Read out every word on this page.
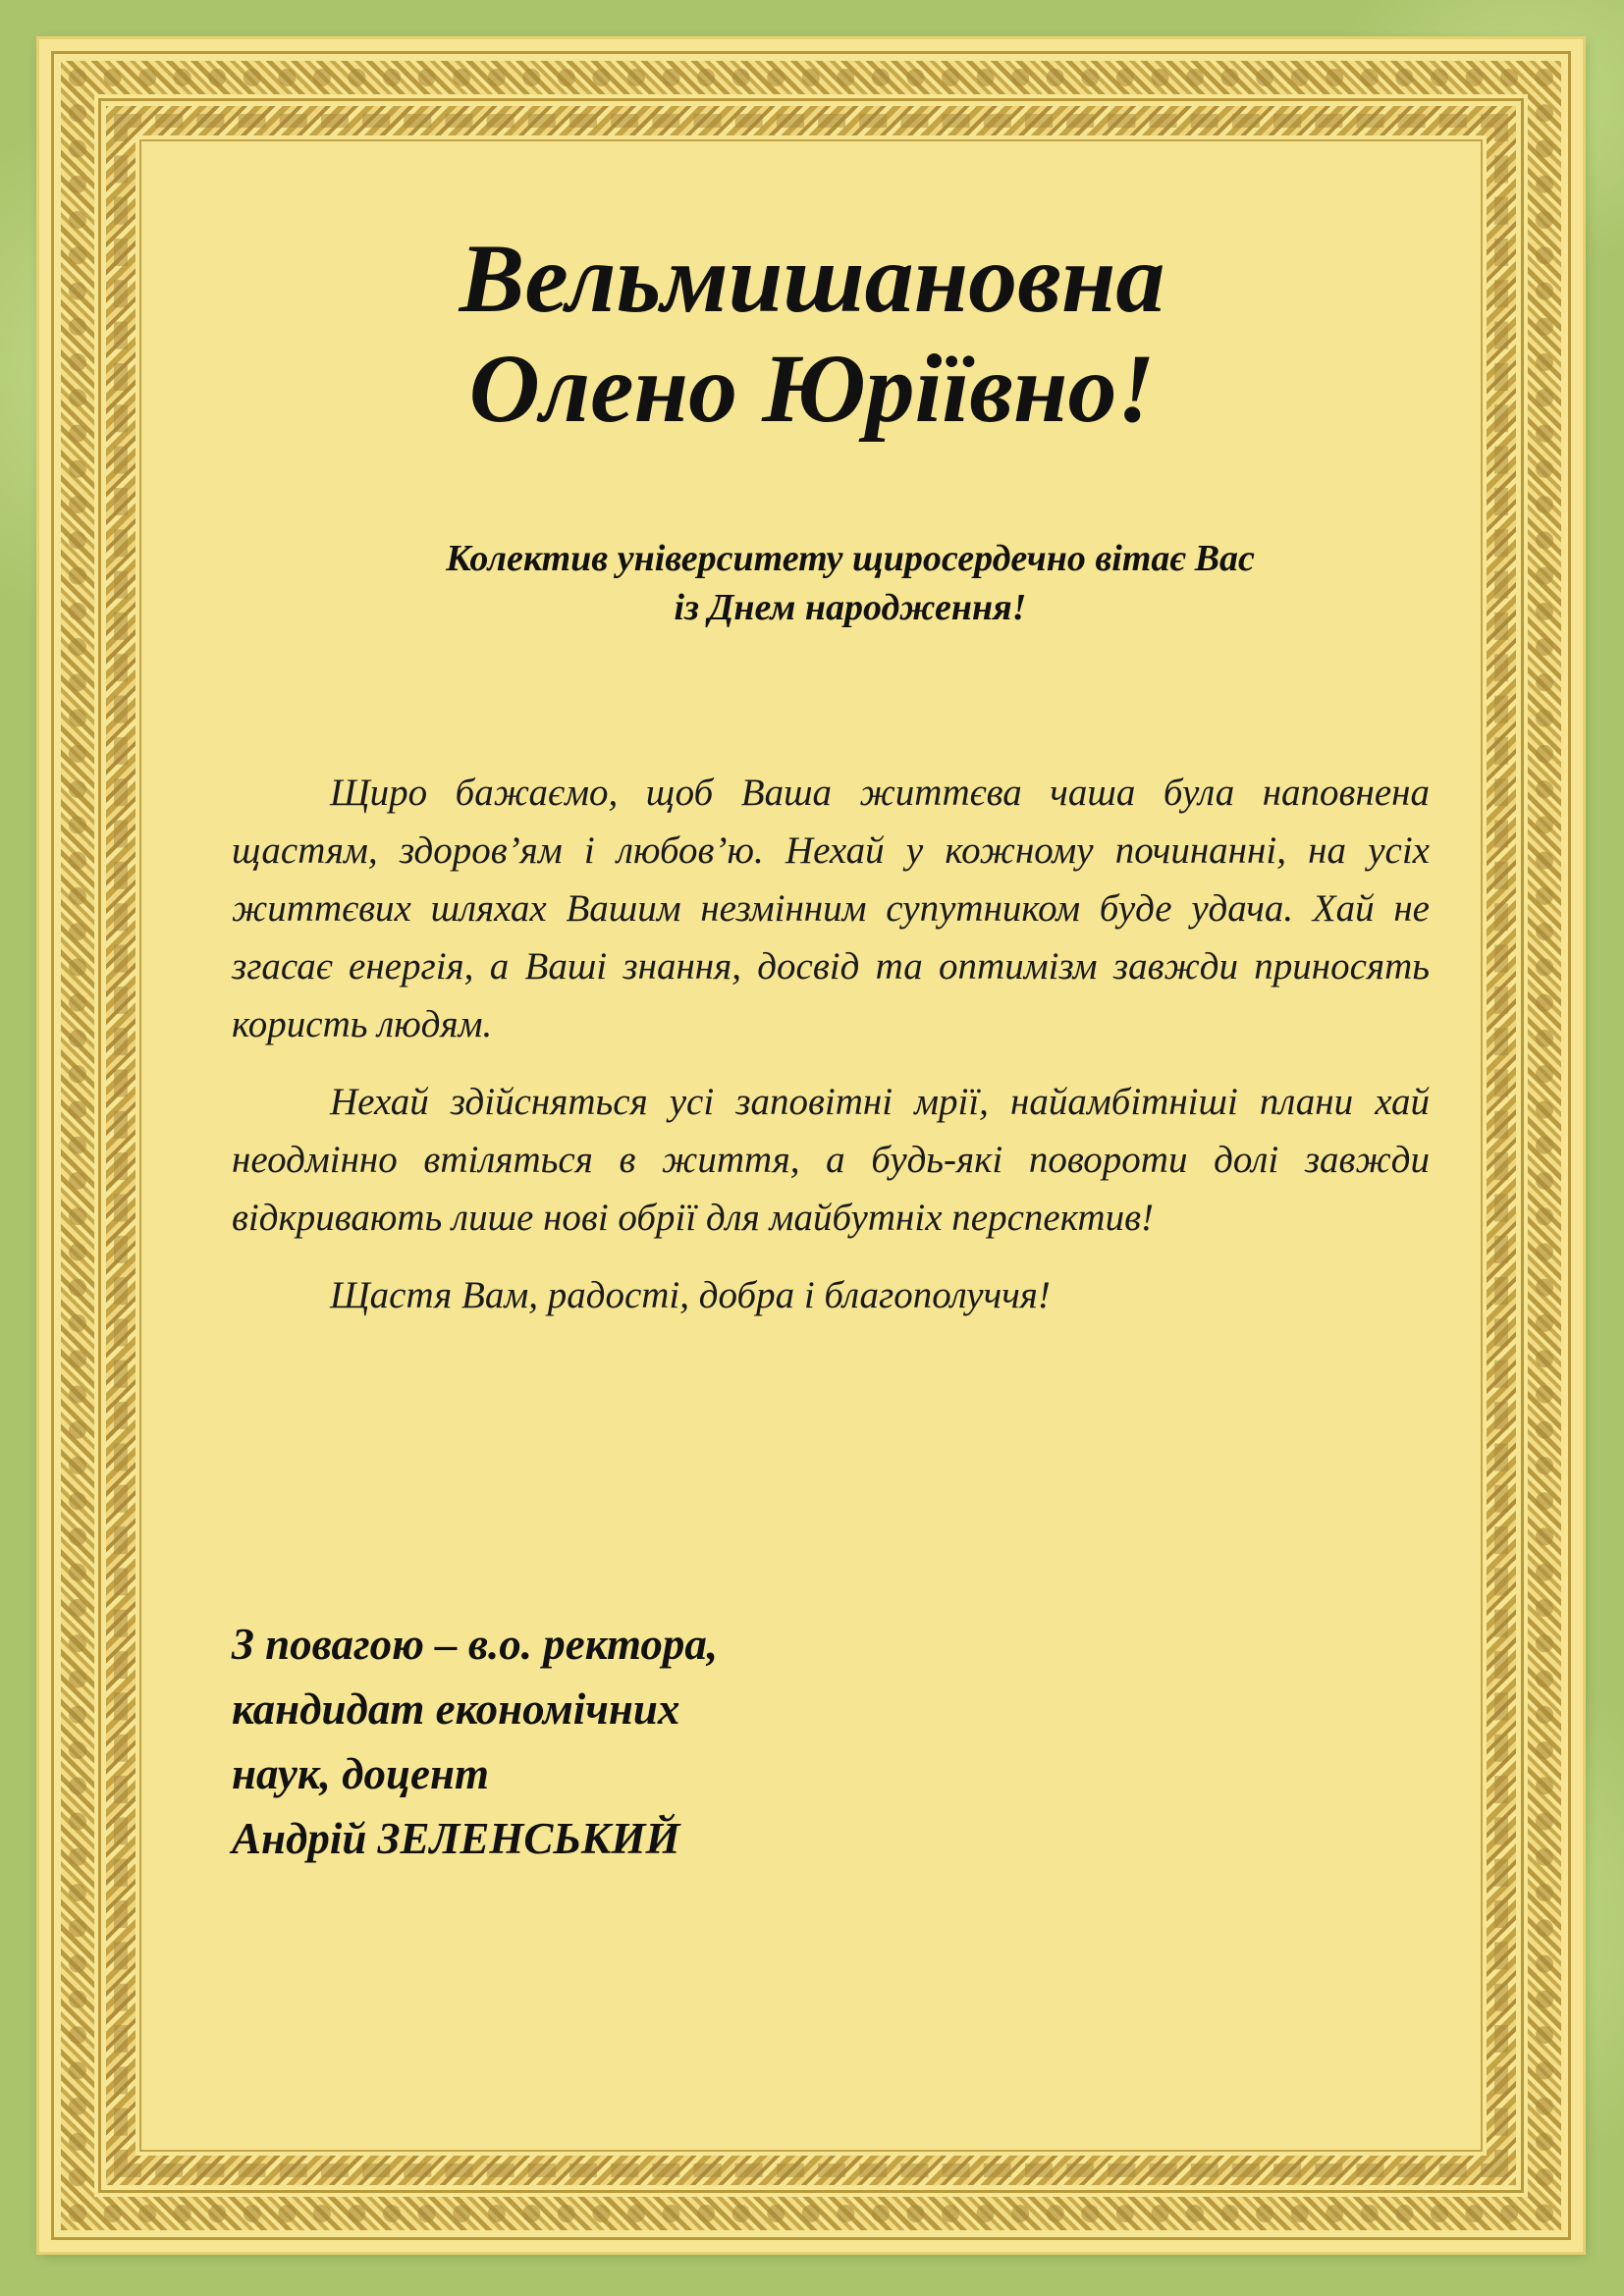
Вельмишановна
Олено Юріївно!
Колектив університету щиросердечно вітає Вас
із Днем народження!

Щиро бажаємо, щоб Ваша життєва чаша була наповнена щастям, здоров’ям і любов’ю. Нехай у кожному починанні, на усіх життєвих шляхах Вашим незмінним супутником буде удача. Хай не згасає енергія, а Ваші знання, досвід та оптимізм завжди приносять користь людям.

Нехай здійсняться усі заповітні мрії, найамбітніші плани хай неодмінно втіляться в життя, а будь-які повороти долі завжди відкривають лише нові обрії для майбутніх перспектив!

Щастя Вам, радості, добра і благополуччя!

З повагою – в.о. ректора,
кандидат економічних
наук, доцент
Андрій ЗЕЛЕНСЬКИЙ
